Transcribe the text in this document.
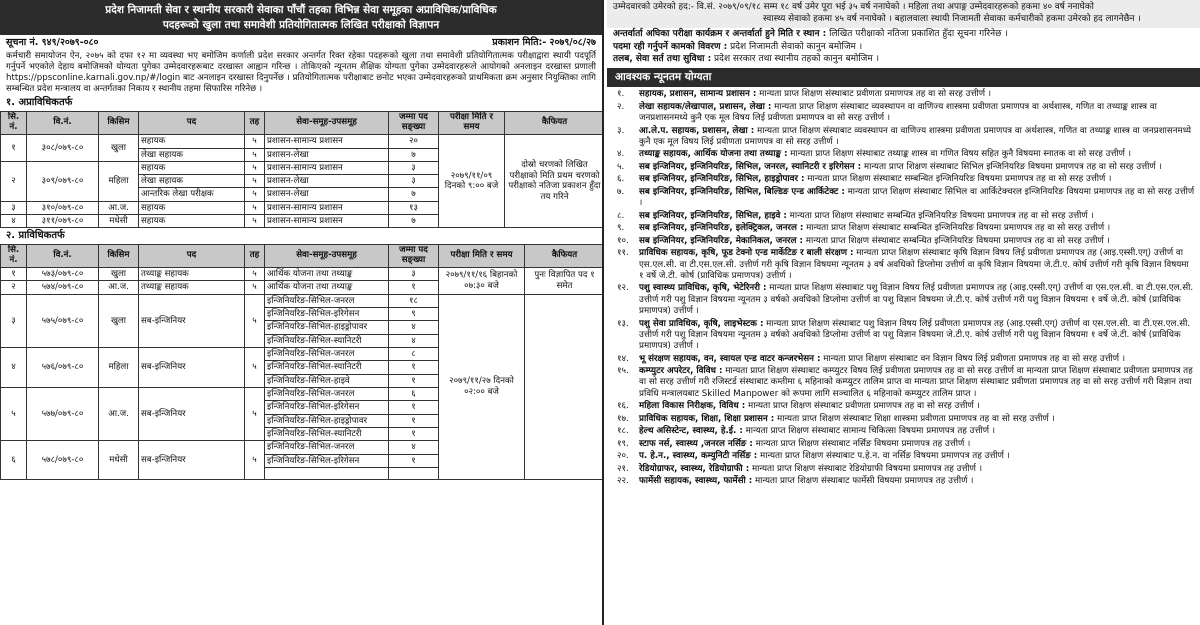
प्रदेश निजामती सेवा र स्थानीय सरकारी सेवाका पाँचौं तहका विभिन्न सेवा समूहका अप्राविधिक/प्राविधिक
पदहरूको खुला तथा समावेशी प्रतियोगितात्मक लिखित परीक्षाको विज्ञापन
सूचना नं. ९४९/२०७९-०८०	प्रकाशन मिति:- २०७९/०८/२७

कर्मचारी समायोजन ऐन, २०७५ को दफा १२ मा व्यवस्था भए बमोजिम कर्णाली प्रदेश सरकार अन्तर्गत रिक्त रहेका पदहरूको खुला तथा समावेशी प्रतियोगितात्मक परीक्षाद्वारा स्थायी पदपूर्ति गर्नुपर्ने भएकोले देहाय बमोजिमको योग्यता पुगेका उम्मेदवारहरूबाट दरखास्त आह्वान गरिन्छ । तोकिएको न्यूनतम शैक्षिक योग्यता पुगेका उम्मेदवारहरूले आयोगको अनलाइन दरखास्त प्रणाली https://ppsconline.karnali.gov.np/#/login बाट अनलाइन दरखास्त दिनुपर्नेछ । प्रतियोगितात्मक परीक्षाबाट छनोट भएका उम्मेदवारहरूको प्राथमिकता क्रम अनुसार नियुक्तिका लागि सम्बन्धित प्रदेश मन्त्रालय वा अन्तर्गतका निकाय र स्थानीय तहमा सिफारिस गरिनेछ ।

१. अप्राविधिकतर्फ
सि. नं.	वि.नं.	किसिम	पद	तह	सेवा-समूह-उपसमूह	जम्मा पद सङ्ख्या	परीक्षा मिति र समय	कैफियत
१	३०८/०७९-८०	खुला	सहायक	५	प्रशासन-सामान्य प्रशासन	२०	२०७९/११/०९ दिनको ९:०० बजे	दोस्रो चरणको लिखित परीक्षाको मिति प्रथम चरणको परीक्षाको नतिजा प्रकाशन हुँदा तय गरिने
			लेखा सहायक	५	प्रशासन-लेखा	७		
२	३०९/०७९-८०	महिला	सहायक	५	प्रशासन-सामान्य प्रशासन	३		
			लेखा सहायक	५	प्रशासन-लेखा	३		
			आन्तरिक लेखा परीक्षक	५	प्रशासन-लेखा	७		
३	३१०/०७९-८०	आ.ज.	सहायक	५	प्रशासन-सामान्य प्रशासन	१३		
४	३११/०७९-८०	मधेसी	सहायक	५	प्रशासन-सामान्य प्रशासन	७		
२. प्राविधिकतर्फ
सि. नं.	वि.नं.	किसिम	पद	तह	सेवा-समूह-उपसमूह	जम्मा पद सङ्ख्या	परीक्षा मिति र समय	कैफियत
१	५७३/०७९-८०	खुला	तथ्याङ्क सहायक	५	आर्थिक योजना तथा तथ्याङ्क	३	२०७९/११/१६ बिहानको ०७:३० बजे	पुनः विज्ञापित पद १ समेत
२	५७४/०७९-८०	आ.ज.	तथ्याङ्क सहायक	५	आर्थिक योजना तथा तथ्याङ्क	१		
३	५७५/०७९-८०	खुला	सब-इन्जिनियर	५	इन्जिनियरिङ-सिभिल-जनरल	१८	२०७९/११/२७ दिनको ०२:०० बजे	
					इन्जिनियरिङ-सिभिल-इरिगेसन	९		
					इन्जिनियरिङ-सिभिल-हाइड्रोपावर	४		
					इन्जिनियरिङ-सिभिल-स्यानिटरी	४		
४	५७६/०७९-८०	महिला	सब-इन्जिनियर	५	इन्जिनियरिङ-सिभिल-जनरल	८		
					इन्जिनियरिङ-सिभिल-स्यानिटरी	१		
					इन्जिनियरिङ-सिभिल-हाइवे	१		
५	५७७/०७९-८०	आ.ज.	सब-इन्जिनियर	५	इन्जिनियरिङ-सिभिल-जनरल	६		
					इन्जिनियरिङ-सिभिल-इरिगेसन	१		
					इन्जिनियरिङ-सिभिल-हाइड्रोपावर	१		
					इन्जिनियरिङ-सिभिल-स्यानिटरी	१		
६	५७८/०७९-८०	मधेसी	सब-इन्जिनियर	५	इन्जिनियरिङ-सिभिल-जनरल	४		
					इन्जिनियरिङ-सिभिल-इरिगेसन	१		

उम्मेदवारको उमेरको हद:- वि.सं. २०७९/०९/१८ सम्म १८ वर्ष उमेर पूरा भई ३५ वर्ष ननाघेको । महिला तथा अपाङ्ग उम्मेदवारहरूको हकमा ४० वर्ष ननाघेको
स्वास्थ्य सेवाको हकमा ४५ वर्ष ननाघेको । बहालवाला स्थायी निजामती सेवाका कर्मचारीको हकमा उमेरको हद लागनेछैन ।
अन्तर्वार्ता अघिका परीक्षा कार्यक्रम र अन्तर्वार्ता हुने मिति र स्थान : लिखित परीक्षाको नतिजा प्रकाशित हुँदा सूचना गरिनेछ ।
पदमा रही गर्नुपर्ने कामको विवरण : प्रदेश निजामती सेवाको कानुन बमोजिम ।
तलब, सेवा सर्त तथा सुविधा : प्रदेश सरकार तथा स्थानीय तहको कानुन बमोजिम ।
आवश्यक न्यूनतम योग्यता
१.	सहायक, प्रशासन, सामान्य प्रशासन : मान्यता प्राप्त शिक्षण संस्थाबाट प्रवीणता प्रमाणपत्र तह वा सो सरह उत्तीर्ण ।
२.	लेखा सहायक/लेखापाल, प्रशासन, लेखा : मान्यता प्राप्त शिक्षण संस्थाबाट व्यवस्थापन वा वाणिज्य शास्त्रमा प्रवीणता प्रमाणपत्र वा अर्थशास्त्र, गणित वा तथ्याङ्क शास्त्र वा जनप्रशासनमध्ये कुनै एक मूल विषय लिई प्रवीणता प्रमाणपत्र वा सो सरह उत्तीर्ण ।
३.	आ.ले.प. सहायक, प्रशासन, लेखा : मान्यता प्राप्त शिक्षण संस्थाबाट व्यवस्थापन वा वाणिज्य शास्त्रमा प्रवीणता प्रमाणपत्र वा अर्थशास्त्र, गणित वा तथ्याङ्क शास्त्र वा जनप्रशासनमध्ये कुनै एक मूल विषय लिई प्रवीणता प्रमाणपत्र वा सो सरह उत्तीर्ण ।
४.	तथ्याङ्क सहायक, आर्थिक योजना तथा तथ्याङ्क : मान्यता प्राप्त शिक्षण संस्थाबाट तथ्याङ्क शास्त्र वा गणित विषय सहित कुनै विषयमा स्नातक वा सो सरह उत्तीर्ण ।
५.	सब इन्जिनियर, इन्जिनियरिङ, सिभिल, जनरल, स्यानिटरी र इरिगेसन : मान्यता प्राप्त शिक्षण संस्थाबाट सिभिल इन्जिनियरिङ विषयमा प्रमाणपत्र तह वा सो सरह उत्तीर्ण ।
६.	सब इन्जिनियर, इन्जिनियरिङ, सिभिल, हाइड्रोपावर : मान्यता प्राप्त शिक्षण संस्थाबाट सम्बन्धित इन्जिनियरिङ विषयमा प्रमाणपत्र तह वा सो सरह उत्तीर्ण ।
७.	सब इन्जिनियर, इन्जिनियरिङ, सिभिल, बिल्डिङ एन्ड आर्किटेक्ट : मान्यता प्राप्त शिक्षण संस्थाबाट सिभिल वा आर्किटेक्चरल इन्जिनियरिङ विषयमा प्रमाणपत्र तह वा सो सरह उत्तीर्ण ।
८.	सब इन्जिनियर, इन्जिनियरिङ, सिभिल, हाइवे : मान्यता प्राप्त शिक्षण संस्थाबाट सम्बन्धित इन्जिनियरिङ विषयमा प्रमाणपत्र तह वा सो सरह उत्तीर्ण ।
९.	सब इन्जिनियर, इन्जिनियरिङ, इलेक्ट्रिकल, जनरल : मान्यता प्राप्त शिक्षण संस्थाबाट सम्बन्धित इन्जिनियरिङ विषयमा प्रमाणपत्र तह वा सो सरह उत्तीर्ण ।
१०.	सब इन्जिनियर, इन्जिनियरिङ, मेकानिकल, जनरल : मान्यता प्राप्त शिक्षण संस्थाबाट सम्बन्धित इन्जिनियरिङ विषयमा प्रमाणपत्र तह वा सो सरह उत्तीर्ण ।
११.	प्राविधिक सहायक, कृषि, फूड टेक्नो एन्ड मार्केटिङ र बाली संरक्षण : मान्यता प्राप्त शिक्षण संस्थाबाट कृषि विज्ञान विषय लिई प्रवीणता प्रमाणपत्र तह (आइ.एस्सी.एग्) उत्तीर्ण वा एस.एल.सी. वा टी.एस.एल.सी. उत्तीर्ण गरी कृषि विज्ञान विषयमा न्यूनतम ३ वर्ष अवधिको डिप्लोमा उत्तीर्ण वा कृषि विज्ञान विषयमा जे.टी.ए. कोर्ष उत्तीर्ण गरी कृषि विज्ञान विषयमा १ वर्षे जे.टी. कोर्ष (प्राविधिक प्रमाणपत्र) उत्तीर्ण ।
१२.	पशु स्वास्थ्य प्राविधिक, कृषि, भेटेरिनरी : मान्यता प्राप्त शिक्षण संस्थाबाट पशु विज्ञान विषय लिई प्रवीणता प्रमाणपत्र तह (आइ.एस्सी.एग्) उत्तीर्ण वा एस.एल.सी. वा टी.एस.एल.सी. उत्तीर्ण गरी पशु विज्ञान विषयमा न्यूनतम ३ वर्षको अवधिको डिप्लोमा उत्तीर्ण वा पशु विज्ञान विषयमा जे.टी.ए. कोर्ष उत्तीर्ण गरी पशु विज्ञान विषयमा १ वर्षे जे.टी. कोर्ष (प्राविधिक प्रमाणपत्र) उत्तीर्ण ।
१३.	पशु सेवा प्राविधिक, कृषि, लाइभेस्टक : मान्यता प्राप्त शिक्षण संस्थाबाट पशु विज्ञान विषय लिई प्रवीणता प्रमाणपत्र तह (आइ.एस्सी.एग्) उत्तीर्ण वा एस.एल.सी. वा टी.एस.एल.सी. उत्तीर्ण गरी पशु विज्ञान विषयमा न्यूनतम ३ वर्षको अवधिको डिप्लोमा उत्तीर्ण वा पशु विज्ञान विषयमा जे.टी.ए. कोर्ष उत्तीर्ण गरी पशु विज्ञान विषयमा १ वर्षे जे.टी. कोर्ष (प्राविधिक प्रमाणपत्र) उत्तीर्ण ।
१४.	भू संरक्षण सहायक, वन, स्वायल एन्ड वाटर कन्जरभेसन : मान्यता प्राप्त शिक्षण संस्थाबाट वन विज्ञान विषय लिई प्रवीणता प्रमाणपत्र तह वा सो सरह उत्तीर्ण ।
१५.	कम्प्युटर अपरेटर, विविध : मान्यता प्राप्त शिक्षण संस्थाबाट कम्प्युटर विषय लिई प्रवीणता प्रमाणपत्र तह वा सो सरह उत्तीर्ण वा मान्यता प्राप्त शिक्षण संस्थाबाट प्रवीणता प्रमाणपत्र तह वा सो सरह उत्तीर्ण गरी रजिस्टर्ड संस्थाबाट कम्तीमा ६ महिनाको कम्प्युटर तालिम प्राप्त वा मान्यता प्राप्त शिक्षण संस्थाबाट प्रवीणता प्रमाणपत्र तह वा सो सरह उत्तीर्ण गरी विज्ञान तथा प्रविधि मन्त्रालयबाट Skilled Manpower को रूपमा लागि सञ्चालित ६ महिनाको कम्प्युटर तालिम प्राप्त ।
१६.	महिला विकास निरीक्षक, विविध : मान्यता प्राप्त शिक्षण संस्थाबाट प्रवीणता प्रमाणपत्र तह वा सो सरह उत्तीर्ण ।
१७.	प्राविधिक सहायक, शिक्षा, शिक्षा प्रशासन : मान्यता प्राप्त शिक्षण संस्थाबाट शिक्षा शास्त्रमा प्रवीणता प्रमाणपत्र तह वा सो सरह उत्तीर्ण ।
१८.	हेल्थ असिस्टेन्ट, स्वास्थ्य, हे.ई. : मान्यता प्राप्त शिक्षण संस्थाबाट सामान्य चिकित्सा विषयमा प्रमाणपत्र तह उत्तीर्ण ।
१९.	स्टाफ नर्स, स्वास्थ्य ,जनरल नर्सिङ : मान्यता प्राप्त शिक्षण संस्थाबाट नर्सिङ विषयमा प्रमाणपत्र तह उत्तीर्ण ।
२०.	प. हे.न., स्वास्थ्य, कम्युनिटी नर्सिङ : मान्यता प्राप्त शिक्षण संस्थाबाट प.हे.न. वा नर्सिङ विषयमा प्रमाणपत्र तह उत्तीर्ण ।
२१.	रेडियोग्राफर, स्वास्थ्य, रेडियोग्राफी : मान्यता प्राप्त शिक्षण संस्थाबाट रेडियोग्राफी विषयमा प्रमाणपत्र तह उत्तीर्ण ।
२२.	फार्मेसी सहायक, स्वास्थ्य, फार्मेसी : मान्यता प्राप्त शिक्षण संस्थाबाट फार्मेसी विषयमा प्रमाणपत्र तह उत्तीर्ण ।
